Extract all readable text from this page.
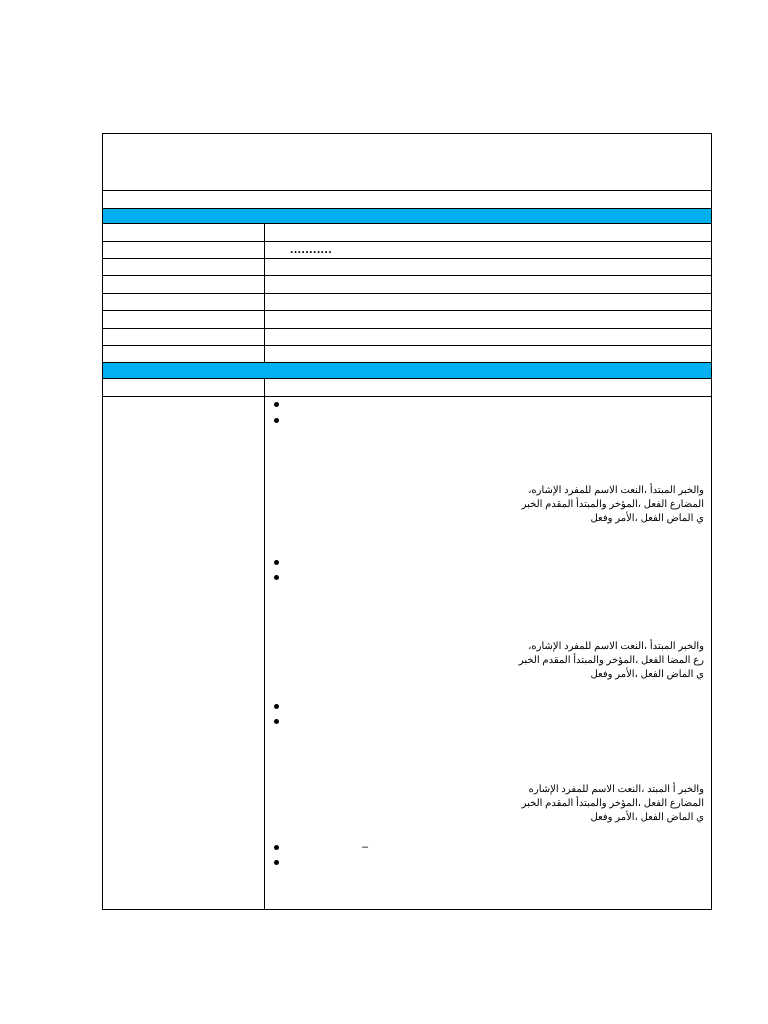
...........
–
والخبر المبتدأ ،النعت الاسم للمفرد الإشاره،
المضارع الفعل ،المؤخر والمبتدأ المقدم الخبر
ي الماض الفعل ،الأمر وفعل
والخبر المبتدأ ،النعت الاسم للمفرد الإشاره،
رع المضا الفعل ،المؤخر والمبتدأ المقدم الخبر
ي الماض الفعل ،الأمر وفعل
والخبر أ المبتد ،النعت الاسم للمفرد الإشاره
المضارع الفعل ،المؤخر والمبتدأ المقدم الخبر
ي الماض الفعل ،الأمر وفعل
